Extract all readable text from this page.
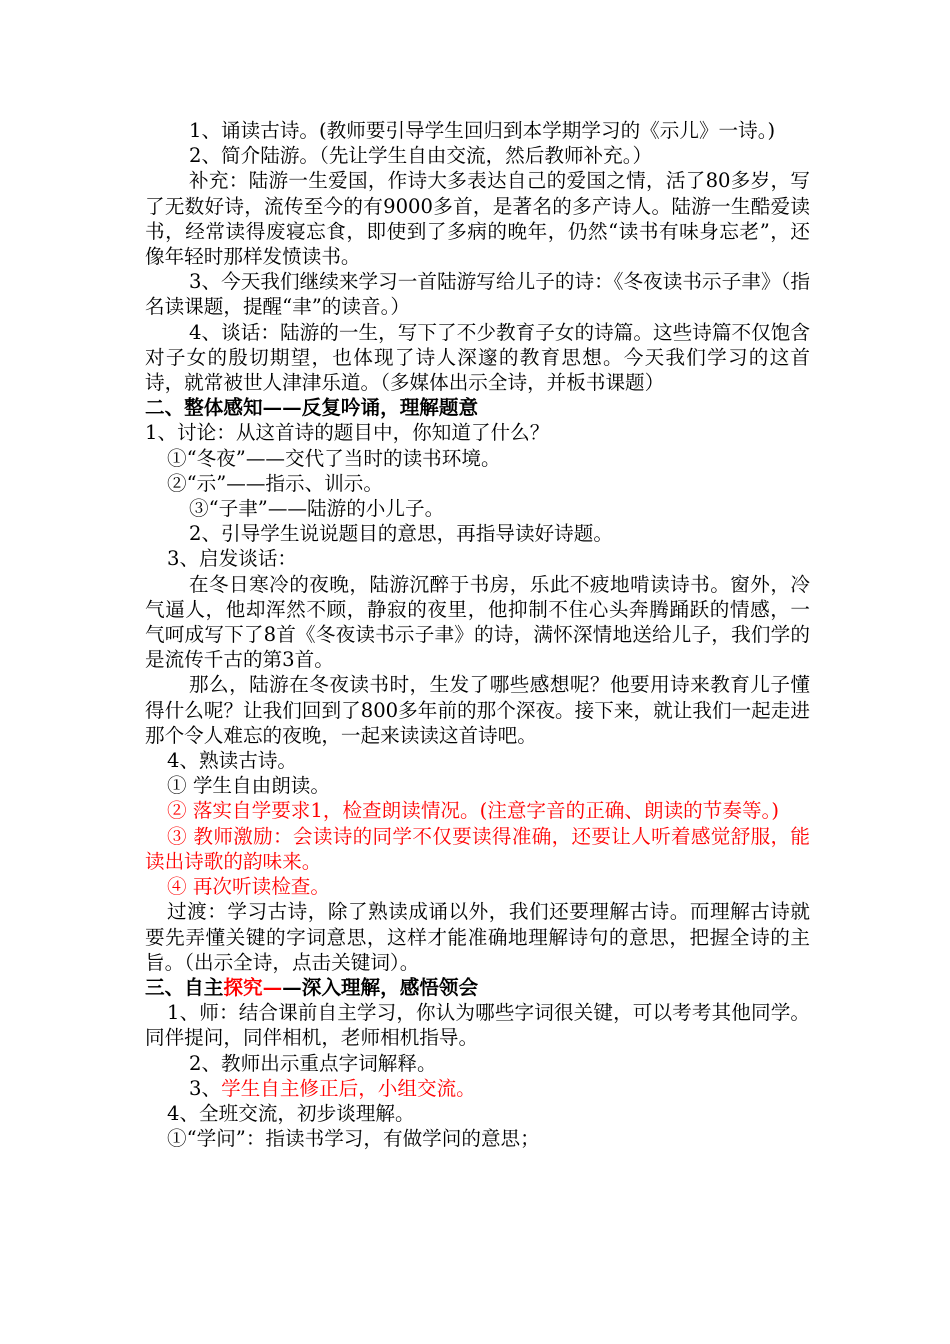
1、诵读古诗。(教师要引导学生回归到本学期学习的《示儿》一诗。)

2、简介陆游。（先让学生自由交流，然后教师补充。）

补充：陆游一生爱国，作诗大多表达自己的爱国之情，活了80多岁，写了无数好诗，流传至今的有9000多首，是著名的多产诗人。陆游一生酷爱读书，经常读得废寝忘食，即使到了多病的晚年，仍然“读书有味身忘老”，还像年轻时那样发愤读书。

3、今天我们继续来学习一首陆游写给儿子的诗：《冬夜读书示子聿》（指名读课题，提醒“聿”的读音。）

4、谈话：陆游的一生，写下了不少教育子女的诗篇。这些诗篇不仅饱含对子女的殷切期望，也体现了诗人深邃的教育思想。今天我们学习的这首诗，就常被世人津津乐道。（多媒体出示全诗，并板书课题）

二、整体感知——反复吟诵，理解题意

1、讨论：从这首诗的题目中，你知道了什么？

①“冬夜”——交代了当时的读书环境。

②“示”——指示、训示。

③“子聿”——陆游的小儿子。

2、引导学生说说题目的意思，再指导读好诗题。

3、启发谈话：

在冬日寒冷的夜晚，陆游沉醉于书房，乐此不疲地啃读诗书。窗外，冷气逼人，他却浑然不顾，静寂的夜里，他抑制不住心头奔腾踊跃的情感，一气呵成写下了8首《冬夜读书示子聿》的诗，满怀深情地送给儿子，我们学的是流传千古的第3首。

那么，陆游在冬夜读书时，生发了哪些感想呢？他要用诗来教育儿子懂得什么呢？让我们回到了800多年前的那个深夜。接下来，就让我们一起走进那个令人难忘的夜晚，一起来读读这首诗吧。

4、熟读古诗。

① 学生自由朗读。

② 落实自学要求1，检查朗读情况。(注意字音的正确、朗读的节奏等。)

③ 教师激励：会读诗的同学不仅要读得准确，还要让人听着感觉舒服，能读出诗歌的韵味来。

④ 再次听读检查。

过渡：学习古诗，除了熟读成诵以外，我们还要理解古诗。而理解古诗就要先弄懂关键的字词意思，这样才能准确地理解诗句的意思，把握全诗的主旨。（出示全诗，点击关键词）。

三、自主探究——深入理解，感悟领会

1、师：结合课前自主学习，你认为哪些字词很关键，可以考考其他同学。同伴提问，同伴相机，老师相机指导。

2、教师出示重点字词解释。

3、学生自主修正后，小组交流。

4、全班交流，初步谈理解。

①“学问”：指读书学习，有做学问的意思；
